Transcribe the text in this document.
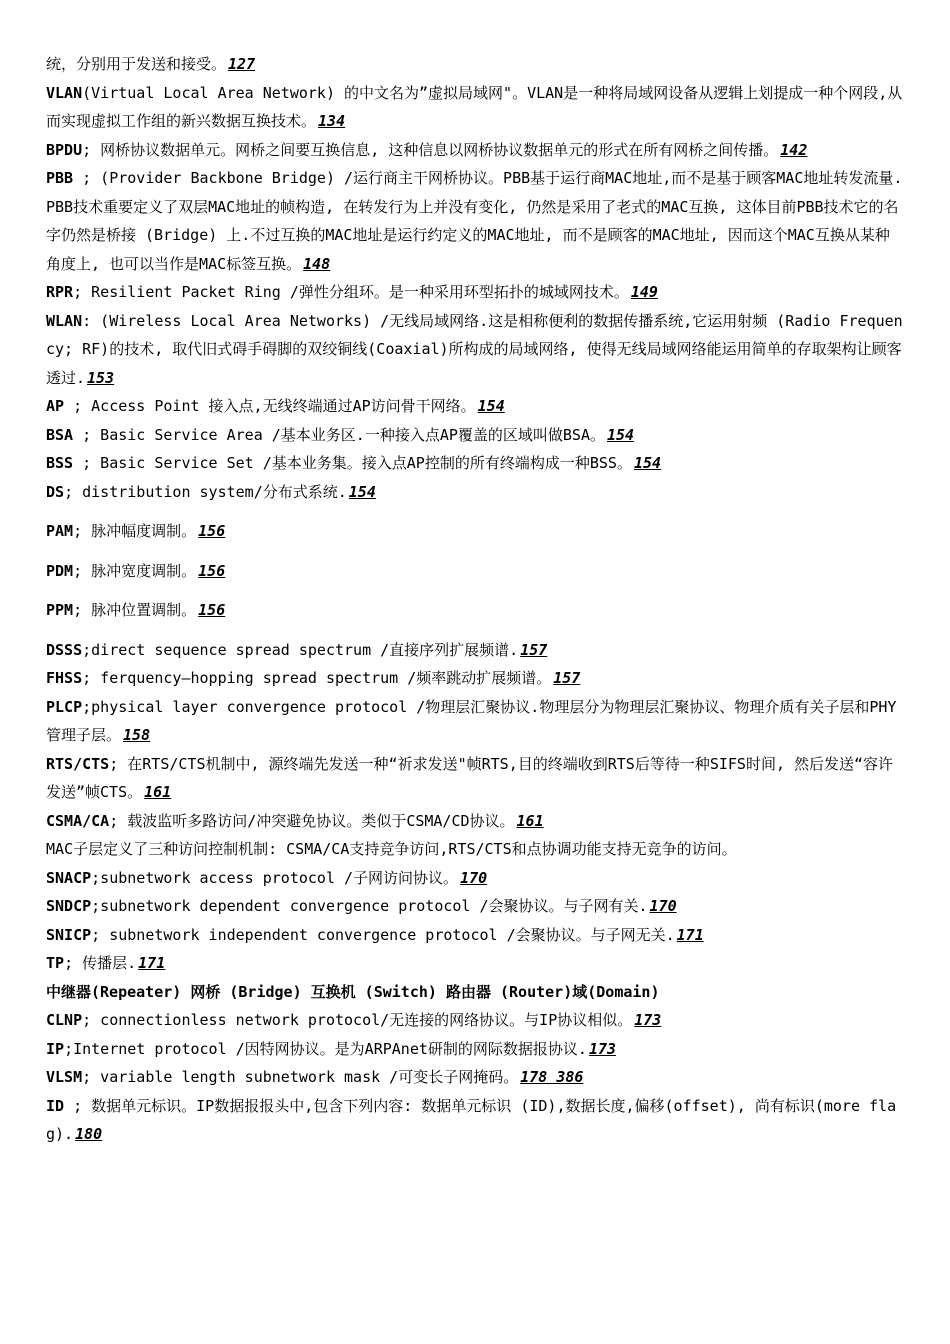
统，分别用于发送和接受。 127

VLAN(Virtual Local Area Network) 的中文名为”虚拟局域网"。VLAN是一种将局域网设备从逻辑上划提成一种个网段,从而实现虚拟工作组的新兴数据互换技术。 134

BPDU; 网桥协议数据单元。网桥之间要互换信息, 这种信息以网桥协议数据单元的形式在所有网桥之间传播。 142

PBB ; (Provider Backbone Bridge) /运行商主干网桥协议。PBB基于运行商MAC地址,而不是基于顾客MAC地址转发流量.PBB技术重要定义了双层MAC地址的帧构造, 在转发行为上并没有变化, 仍然是采用了老式的MAC互换, 这体目前PBB技术它的名字仍然是桥接 (Bridge) 上.不过互换的MAC地址是运行约定义的MAC地址, 而不是顾客的MAC地址, 因而这个MAC互换从某种角度上, 也可以当作是MAC标签互换。 148

RPR; Resilient Packet Ring /弹性分组环。是一种采用环型拓扑的城域网技术。 149

WLAN: (Wireless Local Area Networks) /无线局域网络.这是相称便利的数据传播系统,它运用射频 (Radio Frequency; RF)的技术, 取代旧式碍手碍脚的双绞铜线(Coaxial)所构成的局域网络, 使得无线局域网络能运用简单的存取架构让顾客透过. 153

AP ; Access Point 接入点,无线终端通过AP访问骨干网络。 154

BSA ; Basic Service Area /基本业务区.一种接入点AP覆盖的区域叫做BSA。 154

BSS ; Basic Service Set /基本业务集。接入点AP控制的所有终端构成一种BSS。 154

DS; distribution system/分布式系统. 154

PAM; 脉冲幅度调制。 156

PDM; 脉冲宽度调制。 156

PPM; 脉冲位置调制。 156

DSSS;direct sequence spread spectrum /直接序列扩展频谱. 157

FHSS; ferquency—hopping spread spectrum /频率跳动扩展频谱。 157

PLCP;physical layer convergence protocol /物理层汇聚协议.物理层分为物理层汇聚协议、物理介质有关子层和PHY管理子层。 158

RTS/CTS; 在RTS/CTS机制中, 源终端先发送一种“祈求发送"帧RTS,目的终端收到RTS后等待一种SIFS时间, 然后发送“容许发送”帧CTS。 161

CSMA/CA; 载波监听多路访问/冲突避免协议。类似于CSMA/CD协议。 161

MAC子层定义了三种访问控制机制: CSMA/CA支持竞争访问,RTS/CTS和点协调功能支持无竞争的访问。

SNACP;subnetwork access protocol /子网访问协议。 170

SNDCP;subnetwork dependent convergence protocol /会聚协议。与子网有关. 170

SNICP; subnetwork independent convergence protocol /会聚协议。与子网无关. 171

TP; 传播层. 171

中继器(Repeater) 网桥 (Bridge) 互换机 (Switch) 路由器 (Router)域(Domain)

CLNP; connectionless network protocol/无连接的网络协议。与IP协议相似。 173

IP;Internet protocol /因特网协议。是为ARPAnet研制的网际数据报协议. 173

VLSM; variable length subnetwork mask /可变长子网掩码。 178 386

ID ; 数据单元标识。IP数据报报头中,包含下列内容: 数据单元标识 (ID),数据长度,偏移(offset), 尚有标识(more flag). 180
